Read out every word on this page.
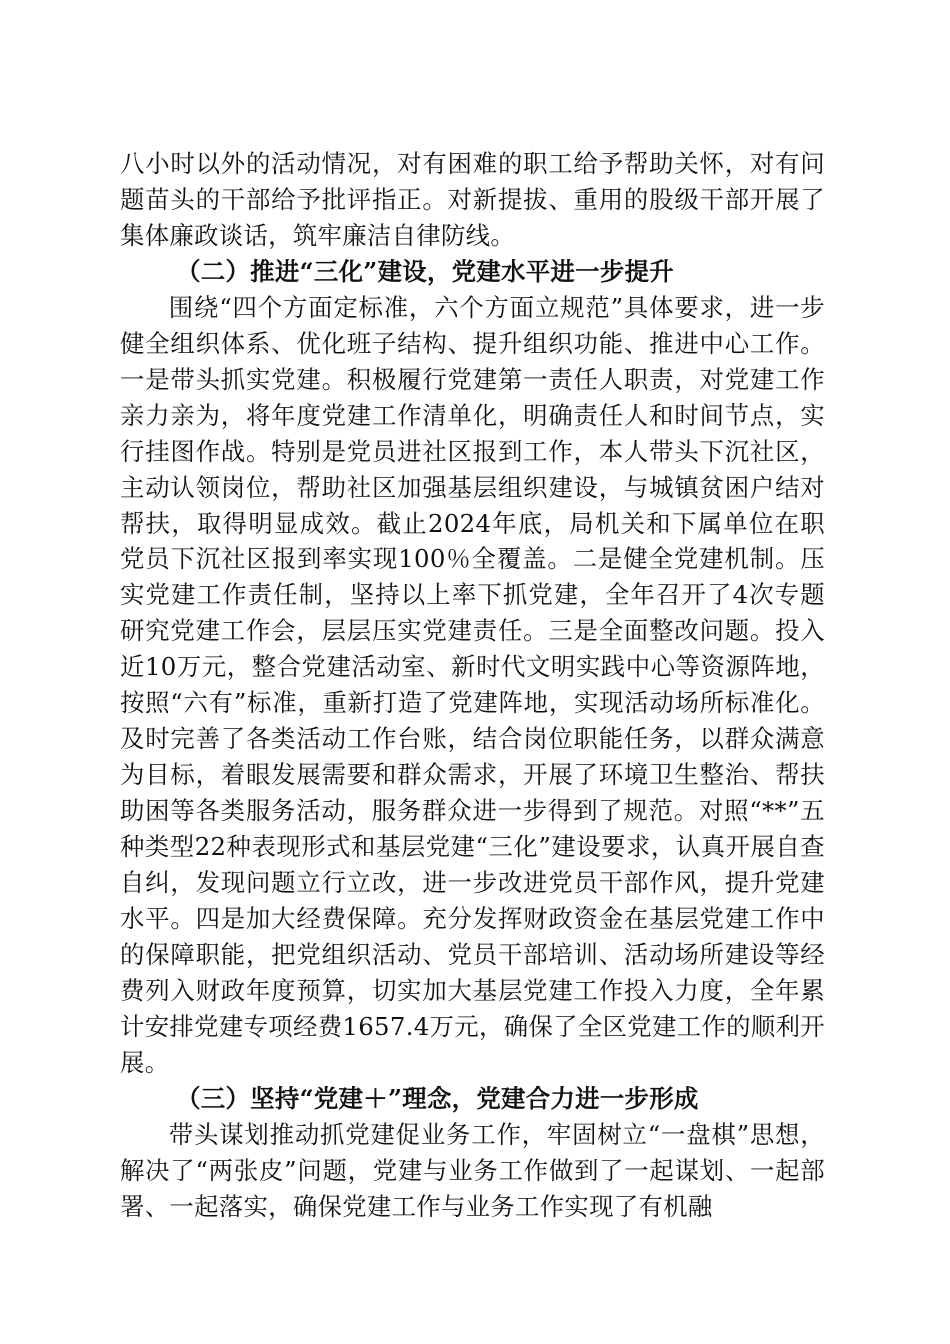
八小时以外的活动情况，对有困难的职工给予帮助关怀，对有问题苗头的干部给予批评指正。对新提拔、重用的股级干部开展了集体廉政谈话，筑牢廉洁自律防线。

（二）推进“三化”建设，党建水平进一步提升

围绕“四个方面定标准，六个方面立规范”具体要求，进一步健全组织体系、优化班子结构、提升组织功能、推进中心工作。一是带头抓实党建。积极履行党建第一责任人职责，对党建工作亲力亲为，将年度党建工作清单化，明确责任人和时间节点，实行挂图作战。特别是党员进社区报到工作，本人带头下沉社区，主动认领岗位，帮助社区加强基层组织建设，与城镇贫困户结对帮扶，取得明显成效。截止2024年底，局机关和下属单位在职党员下沉社区报到率实现100％全覆盖。二是健全党建机制。压实党建工作责任制，坚持以上率下抓党建，全年召开了4次专题研究党建工作会，层层压实党建责任。三是全面整改问题。投入近10万元，整合党建活动室、新时代文明实践中心等资源阵地，按照“六有”标准，重新打造了党建阵地，实现活动场所标准化。及时完善了各类活动工作台账，结合岗位职能任务，以群众满意为目标，着眼发展需要和群众需求，开展了环境卫生整治、帮扶助困等各类服务活动，服务群众进一步得到了规范。对照“**”五种类型22种表现形式和基层党建“三化”建设要求，认真开展自查自纠，发现问题立行立改，进一步改进党员干部作风，提升党建水平。四是加大经费保障。充分发挥财政资金在基层党建工作中的保障职能，把党组织活动、党员干部培训、活动场所建设等经费列入财政年度预算，切实加大基层党建工作投入力度，全年累计安排党建专项经费1657.4万元，确保了全区党建工作的顺利开展。

（三）坚持“党建＋”理念，党建合力进一步形成

带头谋划推动抓党建促业务工作，牢固树立“一盘棋”思想，解决了“两张皮”问题，党建与业务工作做到了一起谋划、一起部署、一起落实，确保党建工作与业务工作实现了有机融
